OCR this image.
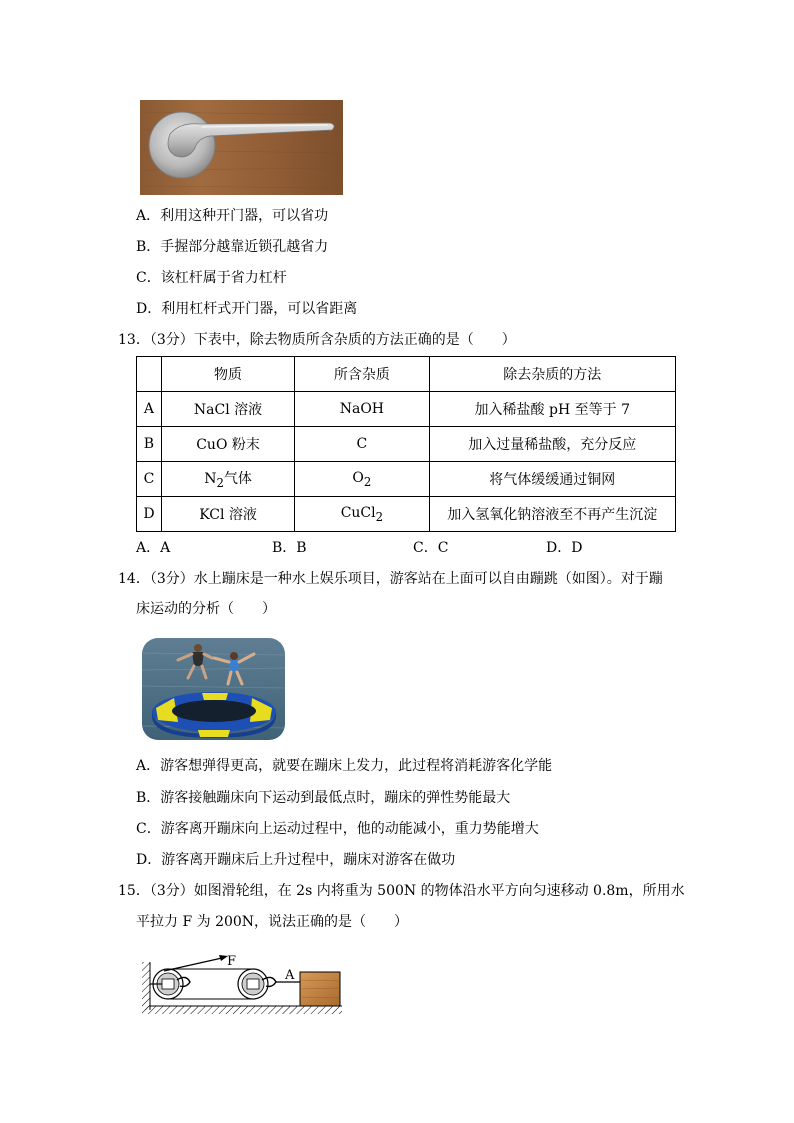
A．利用这种开门器，可以省功
B．手握部分越靠近锁孔越省力
C．该杠杆属于省力杠杆
D．利用杠杆式开门器，可以省距离
13．（3分）下表中，除去物质所含杂质的方法正确的是（　　）
	物质	所含杂质	除去杂质的方法
A	NaCl 溶液	NaOH	加入稀盐酸 pH 至等于 7
B	CuO 粉末	C	加入过量稀盐酸，充分反应
C	$N_2$气体	$O_2$	将气体缓缓通过铜网
D	KCl 溶液	CuCl$_2$	加入氢氧化钠溶液至不再产生沉淀
A．A	B．B	C．C	D．D
14．（3分）水上蹦床是一种水上娱乐项目，游客站在上面可以自由蹦跳（如图）。对于蹦
床运动的分析（　　）
A．游客想弹得更高，就要在蹦床上发力，此过程将消耗游客化学能
B．游客接触蹦床向下运动到最低点时，蹦床的弹性势能最大
C．游客离开蹦床向上运动过程中，他的动能减小，重力势能增大
D．游客离开蹦床后上升过程中，蹦床对游客在做功
15．（3分）如图滑轮组，在 2s 内将重为 500N 的物体沿水平方向匀速移动 0.8m，所用水
平拉力 F 为 200N，说法正确的是（　　）
F
A
